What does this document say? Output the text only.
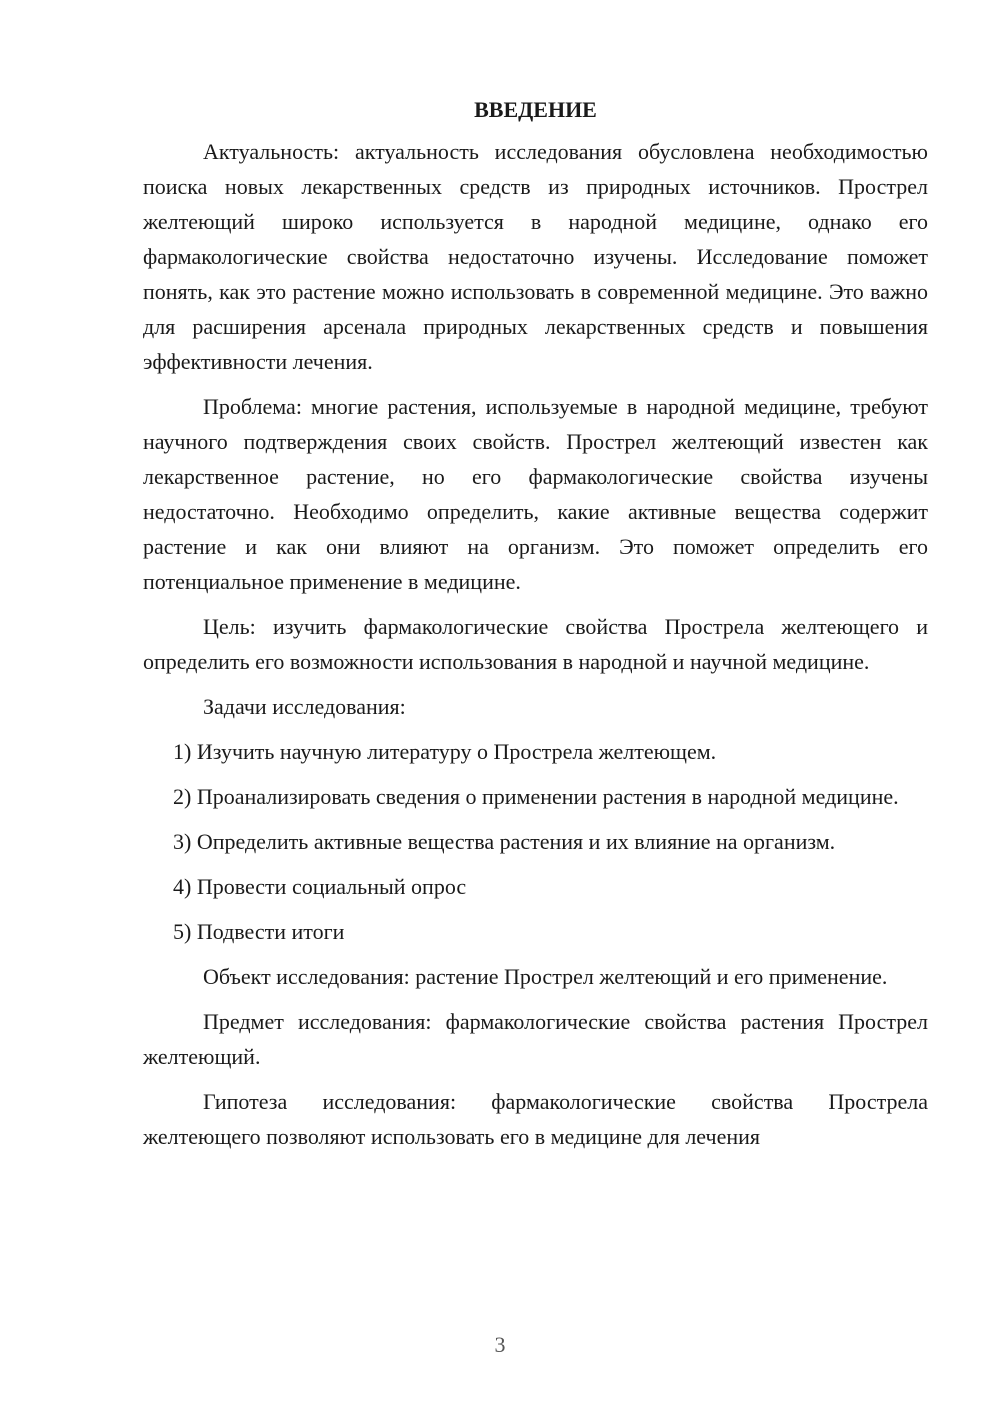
ВВЕДЕНИЕ

Актуальность: актуальность исследования обусловлена необходимостью поиска новых лекарственных средств из природных источников. Прострел желтеющий широко используется в народной медицине, однако его фармакологические свойства недостаточно изучены. Исследование поможет понять, как это растение можно использовать в современной медицине. Это важно для расширения арсенала природных лекарственных средств и повышения эффективности лечения.

Проблема: многие растения, используемые в народной медицине, требуют научного подтверждения своих свойств. Прострел желтеющий известен как лекарственное растение, но его фармакологические свойства изучены недостаточно. Необходимо определить, какие активные вещества содержит растение и как они влияют на организм. Это поможет определить его потенциальное применение в медицине.

Цель: изучить фармакологические свойства Прострела желтеющего и определить его возможности использования в народной и научной медицине.

Задачи исследования:

1) Изучить научную литературу о Прострела желтеющем.

2) Проанализировать сведения о применении растения в народной медицине.

3) Определить активные вещества растения и их влияние на организм.

4) Провести социальный опрос

5) Подвести итоги

Объект исследования: растение Прострел желтеющий и его применение.

Предмет исследования: фармакологические свойства растения Прострел желтеющий.

Гипотеза исследования: фармакологические свойства Прострела желтеющего позволяют использовать его в медицине для лечения

3
